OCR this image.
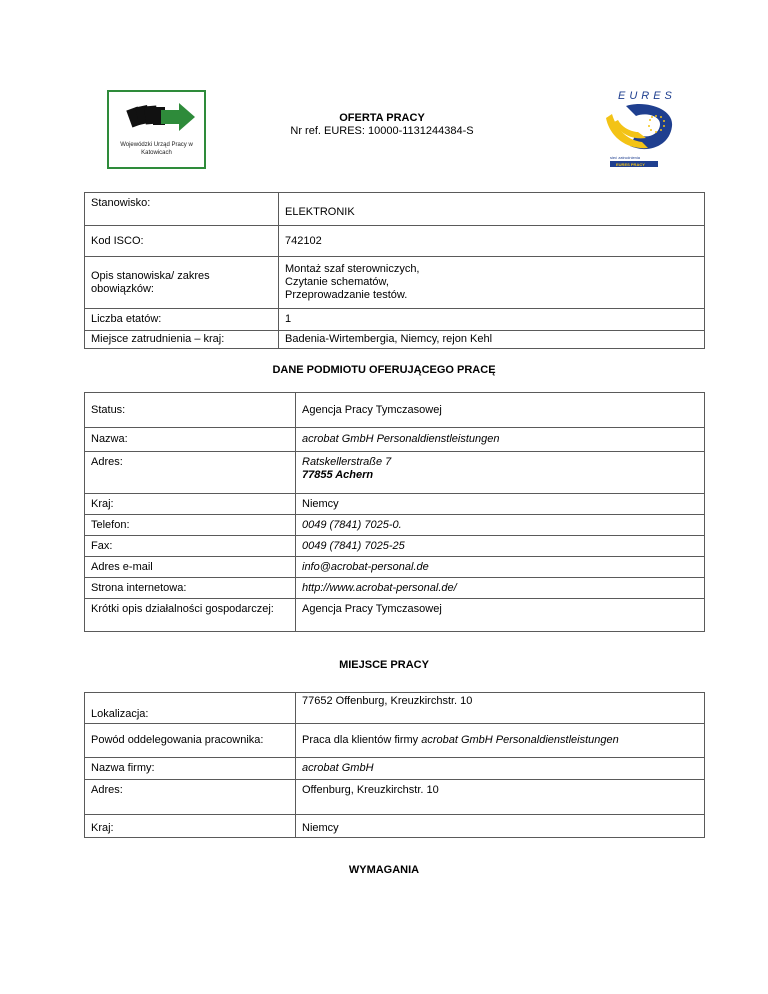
Wojewódzki Urząd Pracy w Katowicach
OFERTA PRACY
Nr ref. EURES: 10000-1131244384-S
EURES
sieć zatrudnienia
EURES PRACY
Stanowisko:	ELEKTRONIK
Kod ISCO:	742102
Opis stanowiska/ zakres obowiązków:	Montaż szaf sterowniczych,
Czytanie schematów,
Przeprowadzanie testów.

Liczba etatów:	1
Miejsce zatrudnienia – kraj:	Badenia-Wirtembergia, Niemcy, rejon Kehl
DANE PODMIOTU OFERUJĄCEGO PRACĘ
Status:	Agencja Pracy Tymczasowej
Nazwa:	acrobat GmbH Personaldienstleistungen
Adres:	Ratskellerstraße 7
77855 Achern

Kraj:	Niemcy
Telefon:	0049 (7841) 7025-0.
Fax:	0049 (7841) 7025-25
Adres e-mail	info@acrobat-personal.de
Strona internetowa:	http://www.acrobat-personal.de/
Krótki opis działalności gospodarczej:	Agencja Pracy Tymczasowej
MIEJSCE PRACY
Lokalizacja:	77652 Offenburg, Kreuzkirchstr. 10
Powód oddelegowania pracownika:	Praca dla klientów firmy acrobat GmbH Personaldienstleistungen
Nazwa firmy:	acrobat GmbH
Adres:	Offenburg, Kreuzkirchstr. 10
Kraj:	Niemcy
WYMAGANIA
